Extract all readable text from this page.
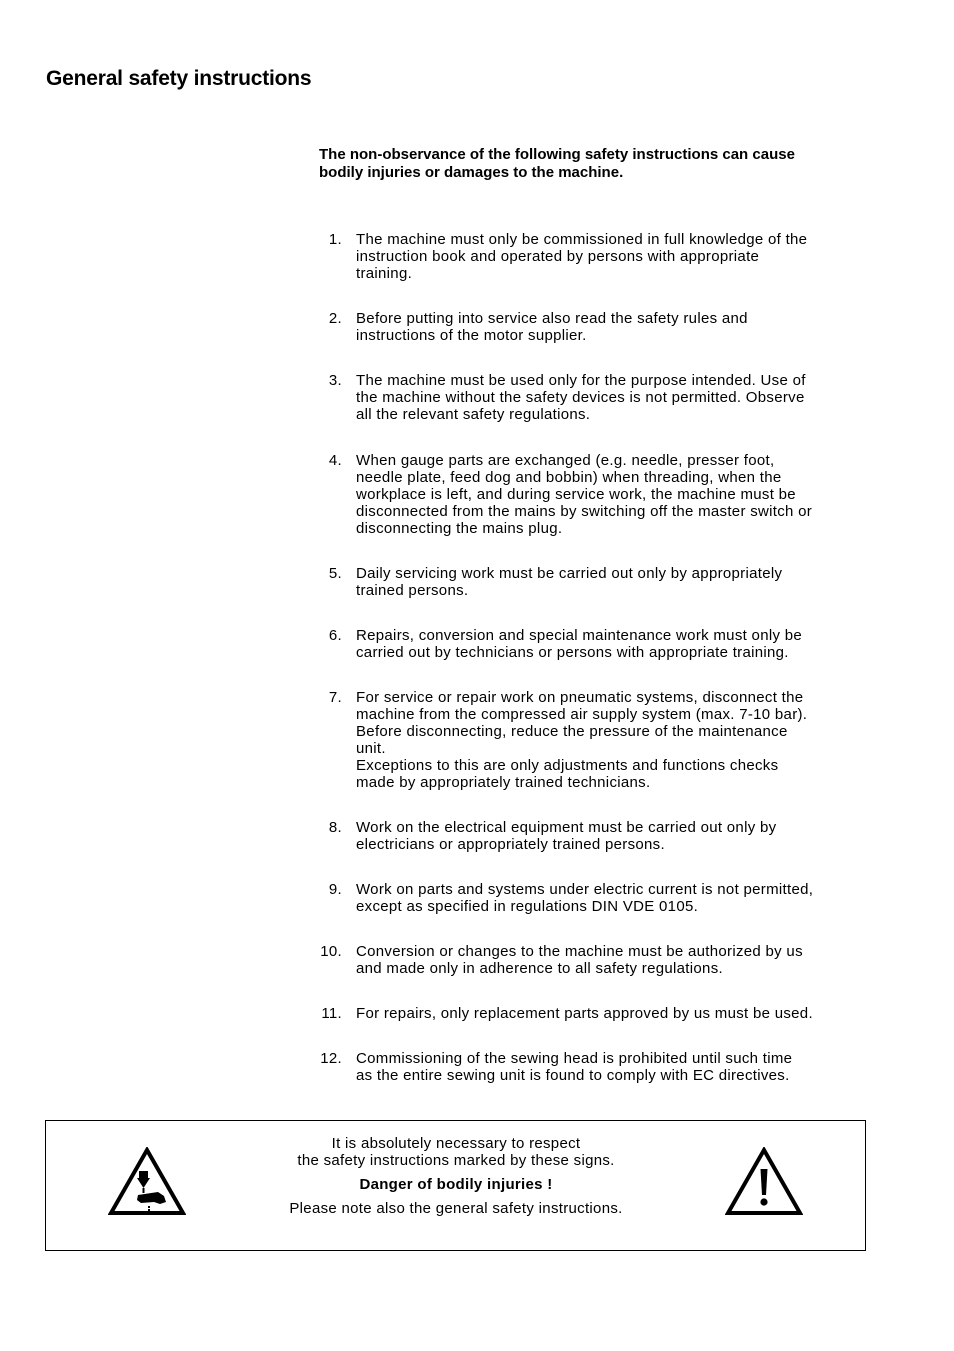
General safety instructions
The non-observance of the following safety instructions can cause
bodily injuries or damages to the machine.
1. The machine must only be commissioned in full knowledge of the
instruction book and operated by persons with appropriate
training.
2. Before putting into service also read the safety rules and
instructions of the motor supplier.
3. The machine must be used only for the purpose intended. Use of
the machine without the safety devices is not permitted. Observe
all the relevant safety regulations.
4. When gauge parts are exchanged (e.g. needle, presser foot,
needle plate, feed dog and bobbin) when threading, when the
workplace is left, and during service work, the machine must be
disconnected from the mains by switching off the master switch or
disconnecting the mains plug.
5. Daily servicing work must be carried out only by appropriately
trained persons.
6. Repairs, conversion and special maintenance work must only be
carried out by technicians or persons with appropriate training.
7. For service or repair work on pneumatic systems, disconnect the
machine from the compressed air supply system (max. 7-10 bar).
Before disconnecting, reduce the pressure of the maintenance
unit.
Exceptions to this are only adjustments and functions checks
made by appropriately trained technicians.
8. Work on the electrical equipment must be carried out only by
electricians or appropriately trained persons.
9. Work on parts and systems under electric current is not permitted,
except as specified in regulations DIN VDE 0105.
10. Conversion or changes to the machine must be authorized by us
and made only in adherence to all safety regulations.
11. For repairs, only replacement parts approved by us must be used.
12. Commissioning of the sewing head is prohibited until such time
as the entire sewing unit is found to comply with EC directives.
It is absolutely necessary to respect
the safety instructions marked by these signs.
Danger of bodily injuries !
Please note also the general safety instructions.
